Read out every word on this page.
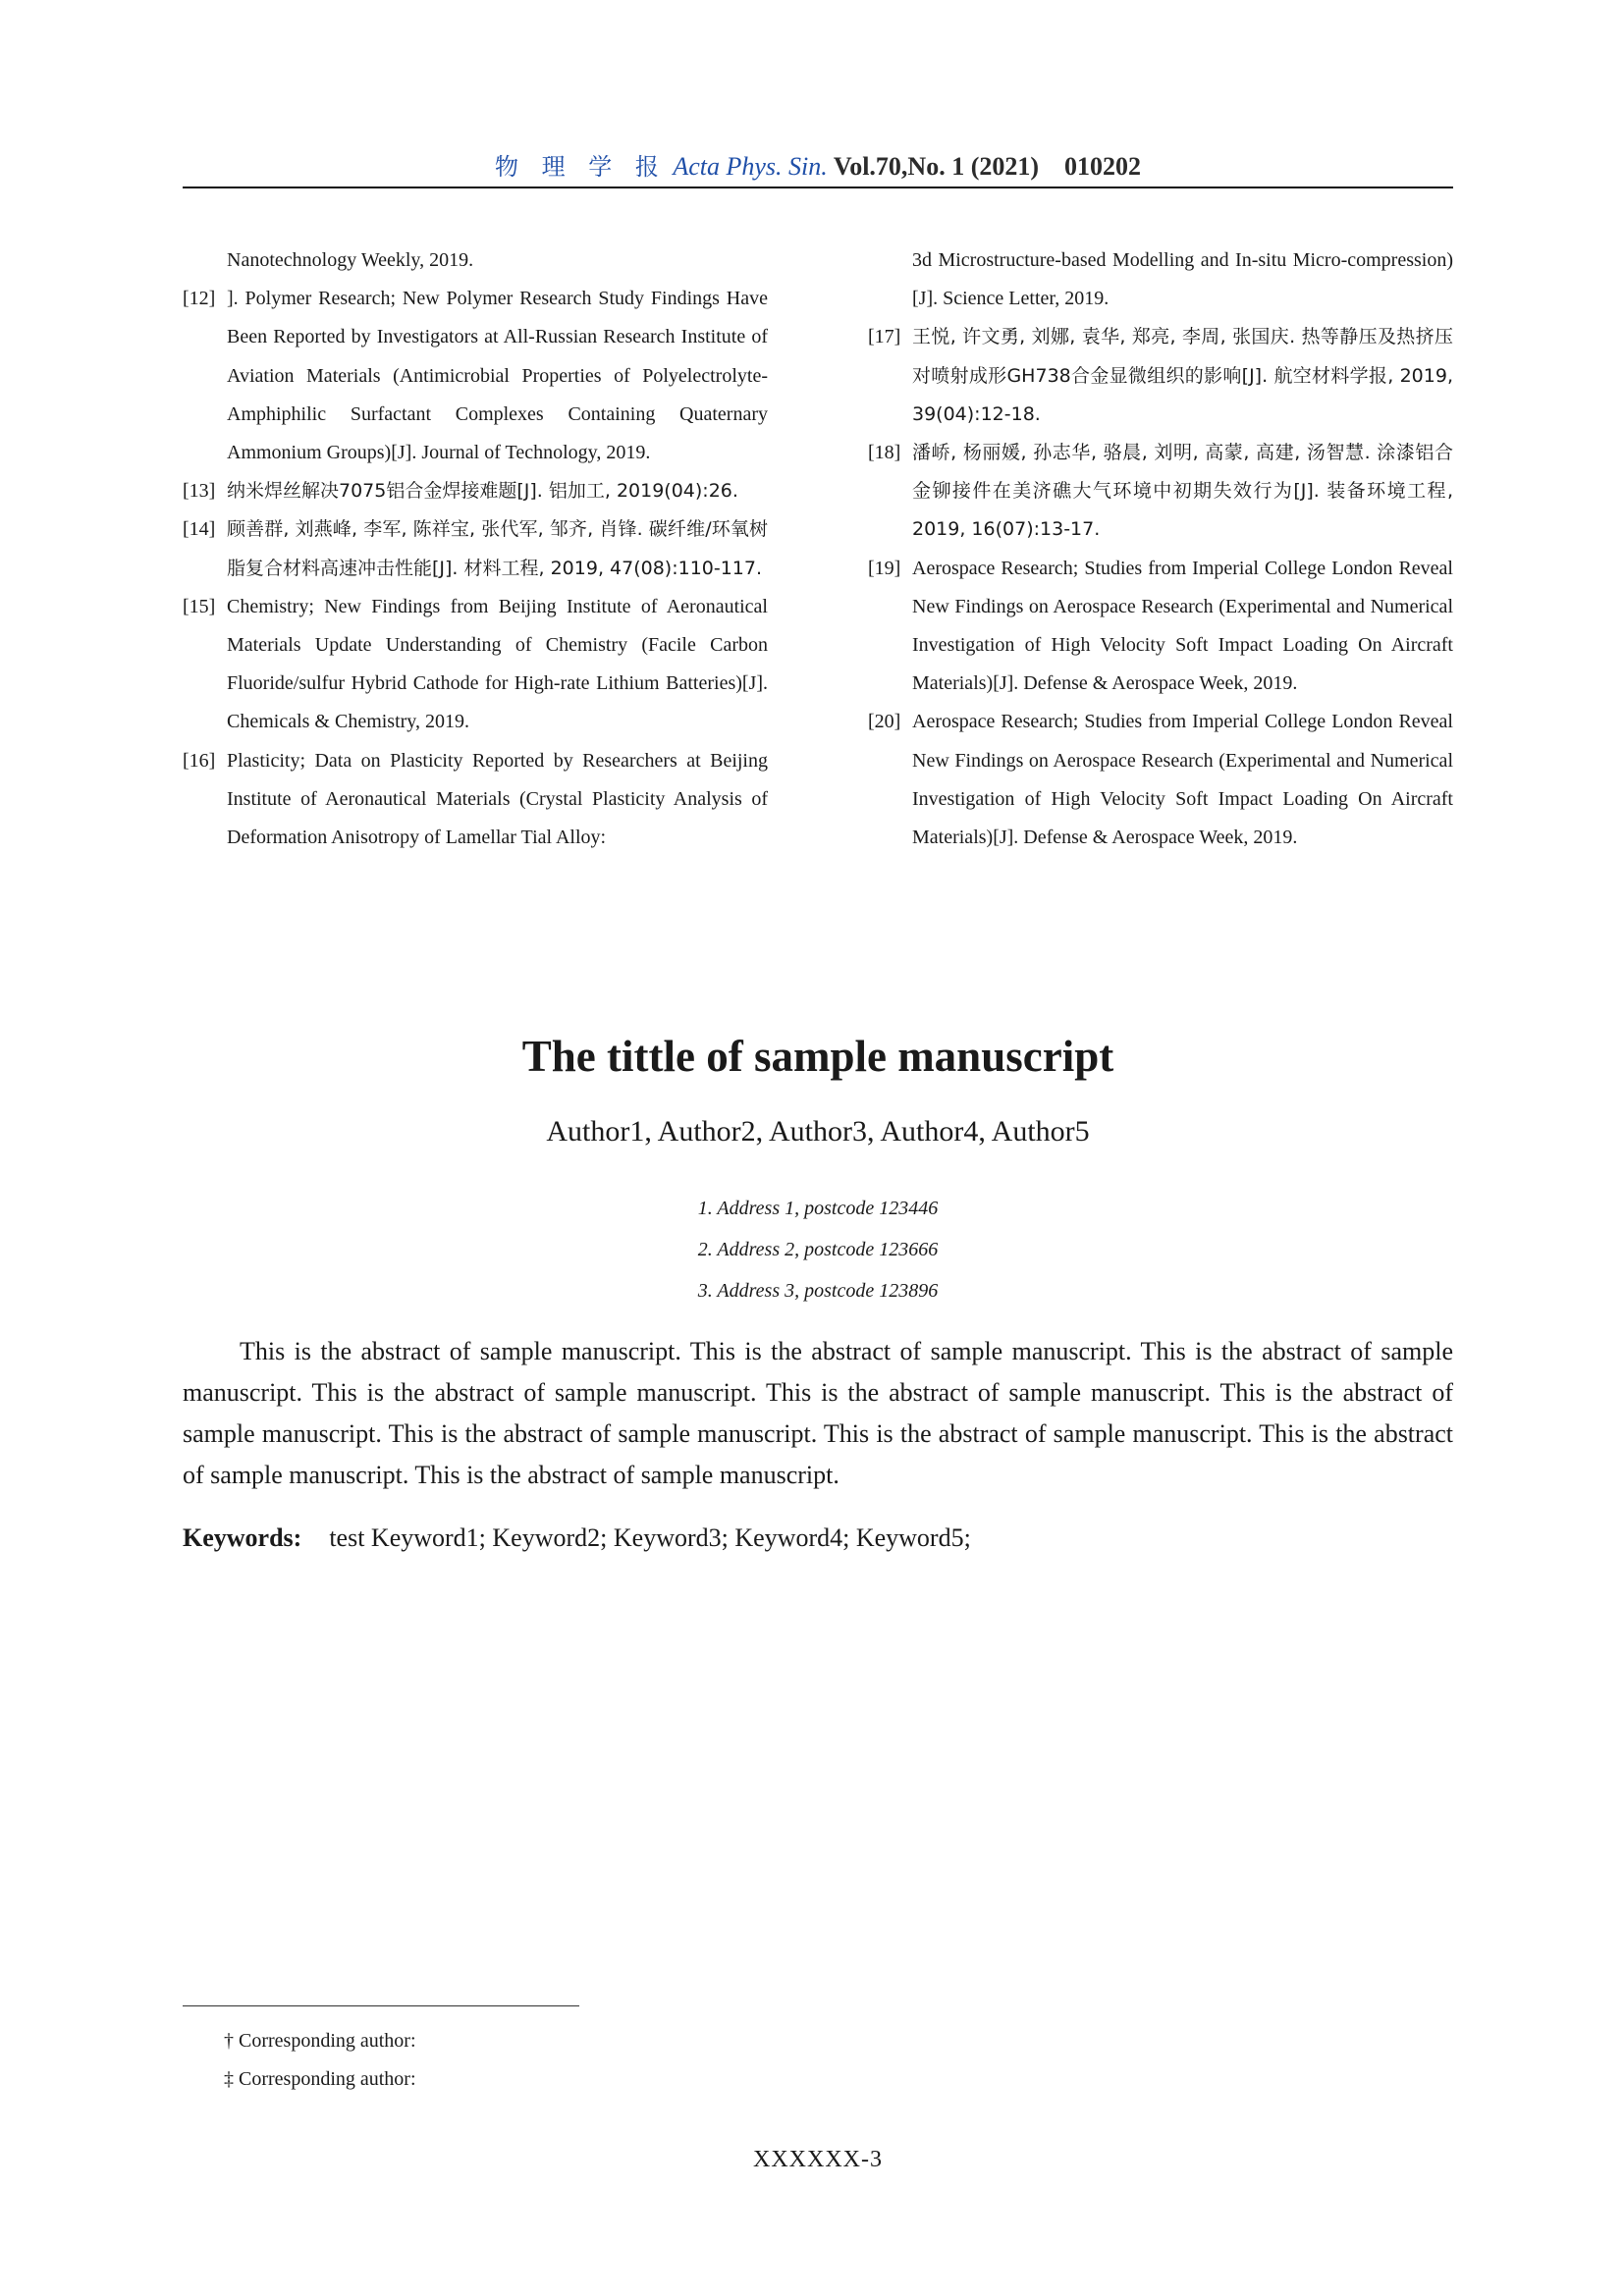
物 理 学 报 Acta Phys. Sin. Vol.70,No. 1 (2021) 010202
Nanotechnology Weekly, 2019.
[12] ]. Polymer Research; New Polymer Research Study Findings Have Been Reported by Investigators at All-Russian Research Institute of Aviation Materials (Antimicrobial Properties of Polyelectrolyte-Amphiphilic Surfactant Complexes Containing Quaternary Ammonium Groups)[J]. Journal of Technology, 2019.
[13] 纳米焊丝解决7075铝合金焊接难题[J]. 铝加工, 2019(04):26.
[14] 顾善群, 刘燕峰, 李军, 陈祥宝, 张代军, 邹齐, 肖锋. 碳纤维/环氧树脂复合材料高速冲击性能[J]. 材料工程, 2019, 47(08):110-117.
[15] Chemistry; New Findings from Beijing Institute of Aeronautical Materials Update Understanding of Chemistry (Facile Carbon Fluoride/sulfur Hybrid Cathode for High-rate Lithium Batteries)[J]. Chemicals & Chemistry, 2019.
[16] Plasticity; Data on Plasticity Reported by Researchers at Beijing Institute of Aeronautical Materials (Crystal Plasticity Analysis of Deformation Anisotropy of Lamellar Tial Alloy:
3d Microstructure-based Modelling and In-situ Micro-compression)[J]. Science Letter, 2019.
[17] 王悦, 许文勇, 刘娜, 袁华, 郑亮, 李周, 张国庆. 热等静压及热挤压对喷射成形GH738合金显微组织的影响[J]. 航空材料学报, 2019, 39(04):12-18.
[18] 潘峤, 杨丽媛, 孙志华, 骆晨, 刘明, 高蒙, 高建, 汤智慧. 涂漆铝合金铆接件在美济礁大气环境中初期失效行为[J]. 装备环境工程, 2019, 16(07):13-17.
[19] Aerospace Research; Studies from Imperial College London Reveal New Findings on Aerospace Research (Experimental and Numerical Investigation of High Velocity Soft Impact Loading On Aircraft Materials)[J]. Defense & Aerospace Week, 2019.
[20] Aerospace Research; Studies from Imperial College London Reveal New Findings on Aerospace Research (Experimental and Numerical Investigation of High Velocity Soft Impact Loading On Aircraft Materials)[J]. Defense & Aerospace Week, 2019.
The tittle of sample manuscript
Author1, Author2, Author3, Author4, Author5
1. Address 1, postcode 123446
2. Address 2, postcode 123666
3. Address 3, postcode 123896
This is the abstract of sample manuscript. This is the abstract of sample manuscript. This is the abstract of sample manuscript. This is the abstract of sample manuscript. This is the abstract of sample manuscript. This is the abstract of sample manuscript. This is the abstract of sample manuscript. This is the abstract of sample manuscript. This is the abstract of sample manuscript. This is the abstract of sample manuscript.
Keywords: test Keyword1; Keyword2; Keyword3; Keyword4; Keyword5;
† Corresponding author:
‡ Corresponding author:
XXXXXX-3
